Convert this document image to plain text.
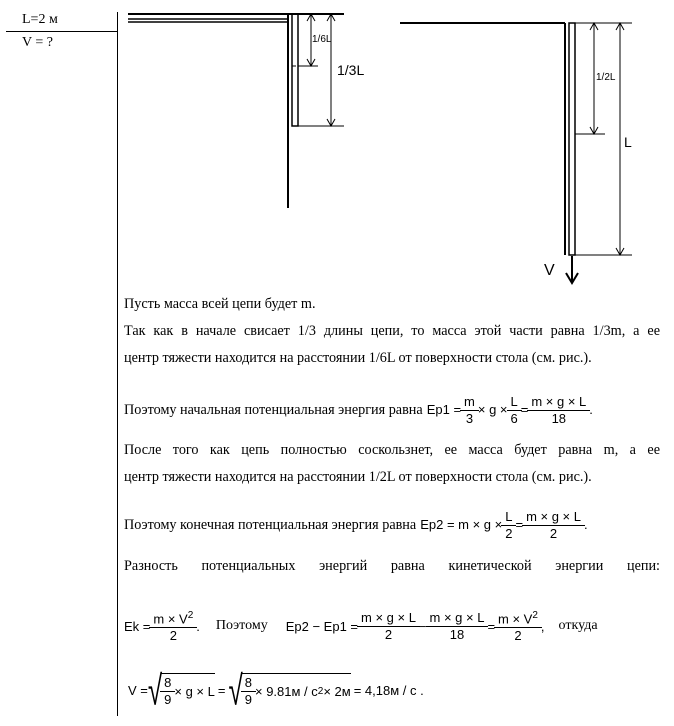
L=2 м
V = ?	1/6L
1/3L	1/2L
L
V
Пусть масса всей цепи будет m.
Так как в начале свисает 1/3 длины цепи, то масса этой части равна 1/3m, а ее
центр тяжести находится на расстоянии 1/6L от поверхности стола (см. рис.).
Поэтому начальная потенциальная энергия равна $Ep1 = \frac{m}{3} \times g \times \frac{L}{6} = \frac{m \times g \times L}{18}$ .
После того как цепь полностью соскользнет, ее масса будет равна m, а ее
центр тяжести находится на расстоянии 1/2L от поверхности стола (см. рис.).
Поэтому конечная потенциальная энергия равна $Ep2 = m \times g \times \frac{L}{2} = \frac{m \times g \times L}{2}$ .
Разность потенциальных энергий равна кинетической энергии цепи:
$Ek = \frac{m \times V^2}{2}$ . Поэтому $Ep2 - Ep1 = \frac{m \times g \times L}{2} - \frac{m \times g \times L}{18} = \frac{m \times V^2}{2}$ , откуда
V = √ $\frac{8}{9} \times g \times L$ = √ $\frac{8}{9} \times 9.81м / c$ 2 × 2м = 4,18м / c .
